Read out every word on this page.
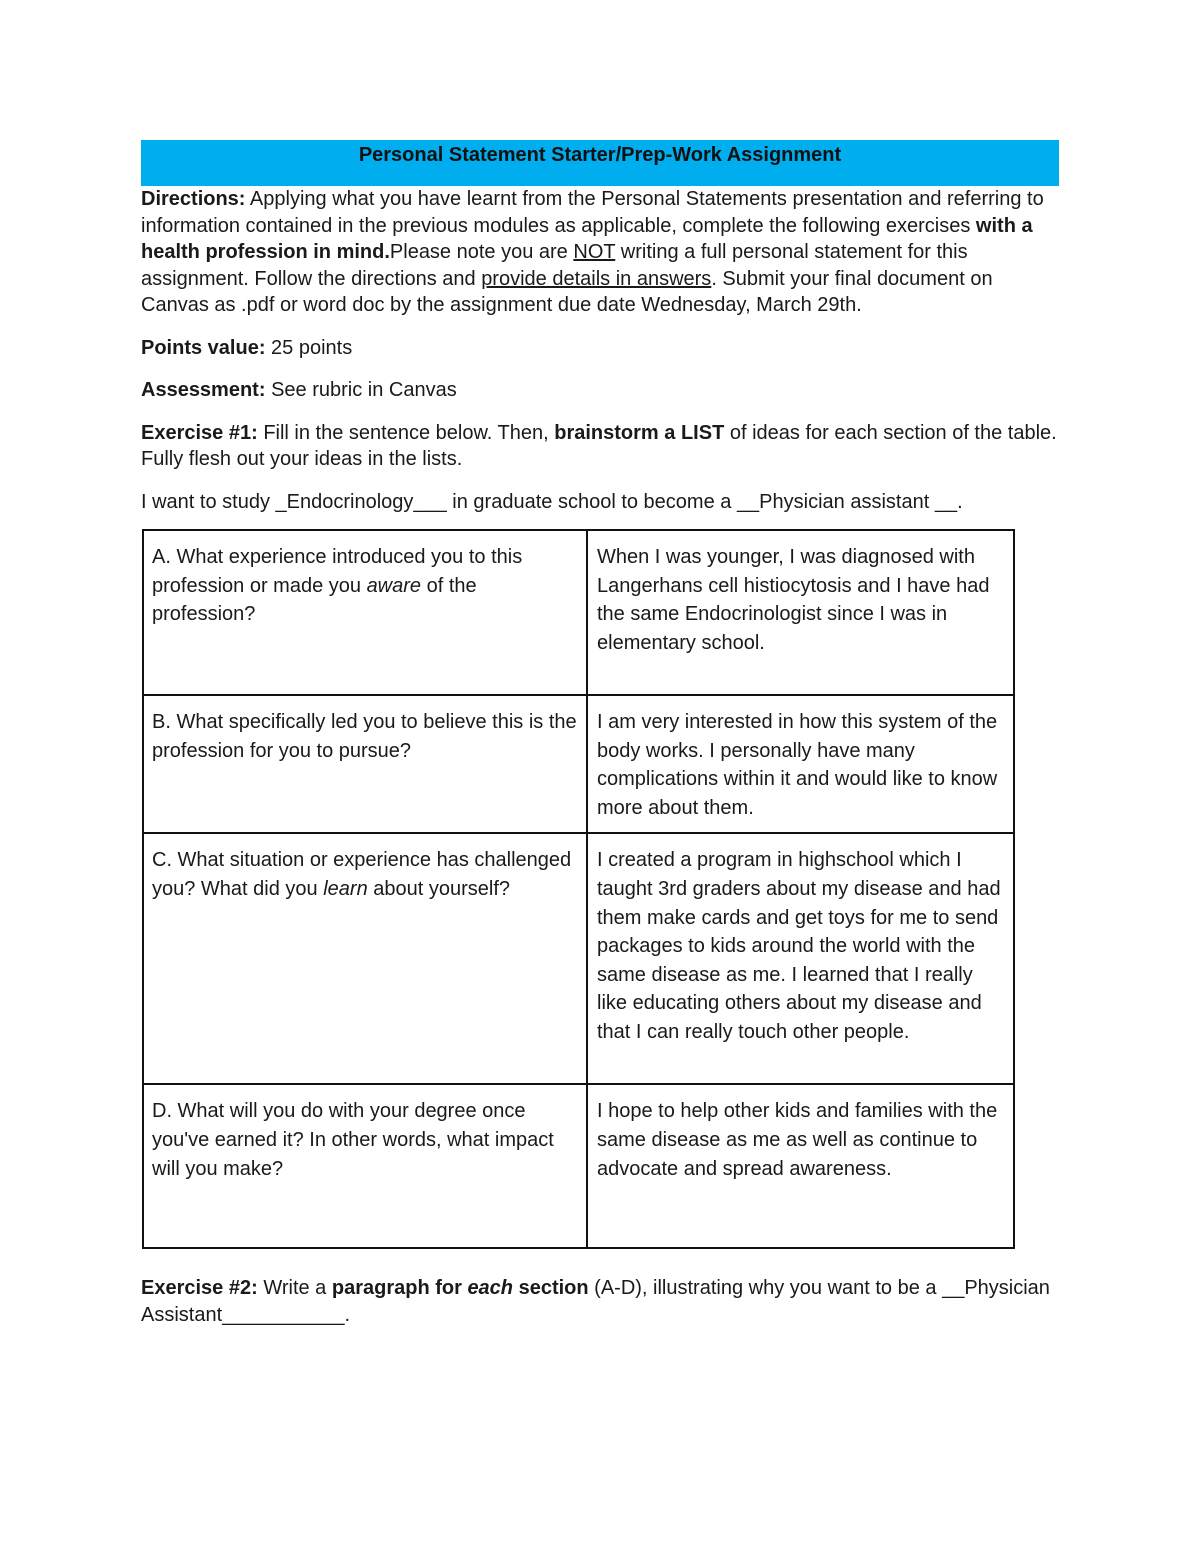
Personal Statement Starter/Prep-Work Assignment

Directions: Applying what you have learnt from the Personal Statements presentation and referring to information contained in the previous modules as applicable, complete the following exercises with a health profession in mind.Please note you are NOT writing a full personal statement for this assignment. Follow the directions and provide details in answers. Submit your final document on Canvas as .pdf or word doc by the assignment due date Wednesday, March 29th.

Points value: 25 points

Assessment: See rubric in Canvas

Exercise #1: Fill in the sentence below. Then, brainstorm a LIST of ideas for each section of the table. Fully flesh out your ideas in the lists.

I want to study _Endocrinology___ in graduate school to become a __Physician assistant __.

A. What experience introduced you to this profession or made you aware of the profession?	When I was younger, I was diagnosed with Langerhans cell histiocytosis and I have had the same Endocrinologist since I was in elementary school.
B. What specifically led you to believe this is the profession for you to pursue?	I am very interested in how this system of the body works. I personally have many complications within it and would like to know more about them.
C. What situation or experience has challenged you? What did you learn about yourself?	I created a program in highschool which I taught 3rd graders about my disease and had them make cards and get toys for me to send packages to kids around the world with the same disease as me. I learned that I really like educating others about my disease and that I can really touch other people.
D. What will you do with your degree once you've earned it? In other words, what impact will you make?	I hope to help other kids and families with the same disease as me as well as continue to advocate and spread awareness.

Exercise #2: Write a paragraph for each section (A-D), illustrating why you want to be a __Physician Assistant___________.
